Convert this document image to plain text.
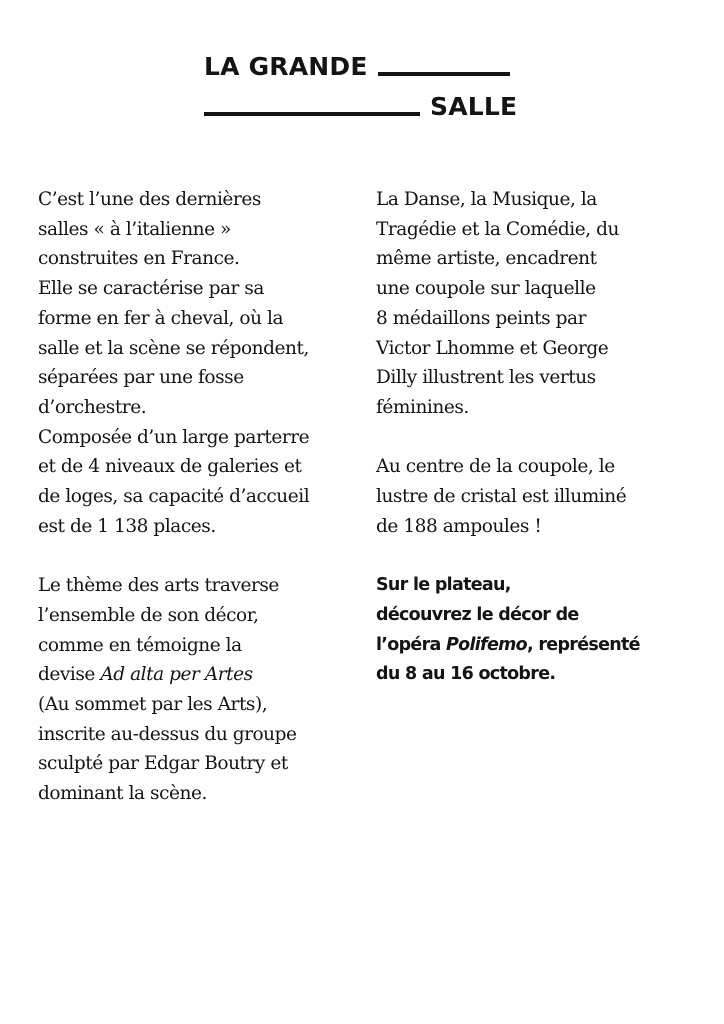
LA GRANDE
SALLE

C’est l’une des dernières
salles « à l’italienne »
construites en France.
Elle se caractérise par sa
forme en fer à cheval, où la
salle et la scène se répondent,
séparées par une fosse
d’orchestre.
Composée d’un large parterre
et de 4 niveaux de galeries et
de loges, sa capacité d’accueil
est de 1 138 places.

Le thème des arts traverse
l’ensemble de son décor,
comme en témoigne la
devise Ad alta per Artes
(Au sommet par les Arts),
inscrite au-dessus du groupe
sculpté par Edgar Boutry et
dominant la scène.

La Danse, la Musique, la
Tragédie et la Comédie, du
même artiste, encadrent
une coupole sur laquelle
8 médaillons peints par
Victor Lhomme et George
Dilly illustrent les vertus
féminines.

Au centre de la coupole, le
lustre de cristal est illuminé
de 188 ampoules !

Sur le plateau,
découvrez le décor de
l’opéra Polifemo, représenté
du 8 au 16 octobre.
